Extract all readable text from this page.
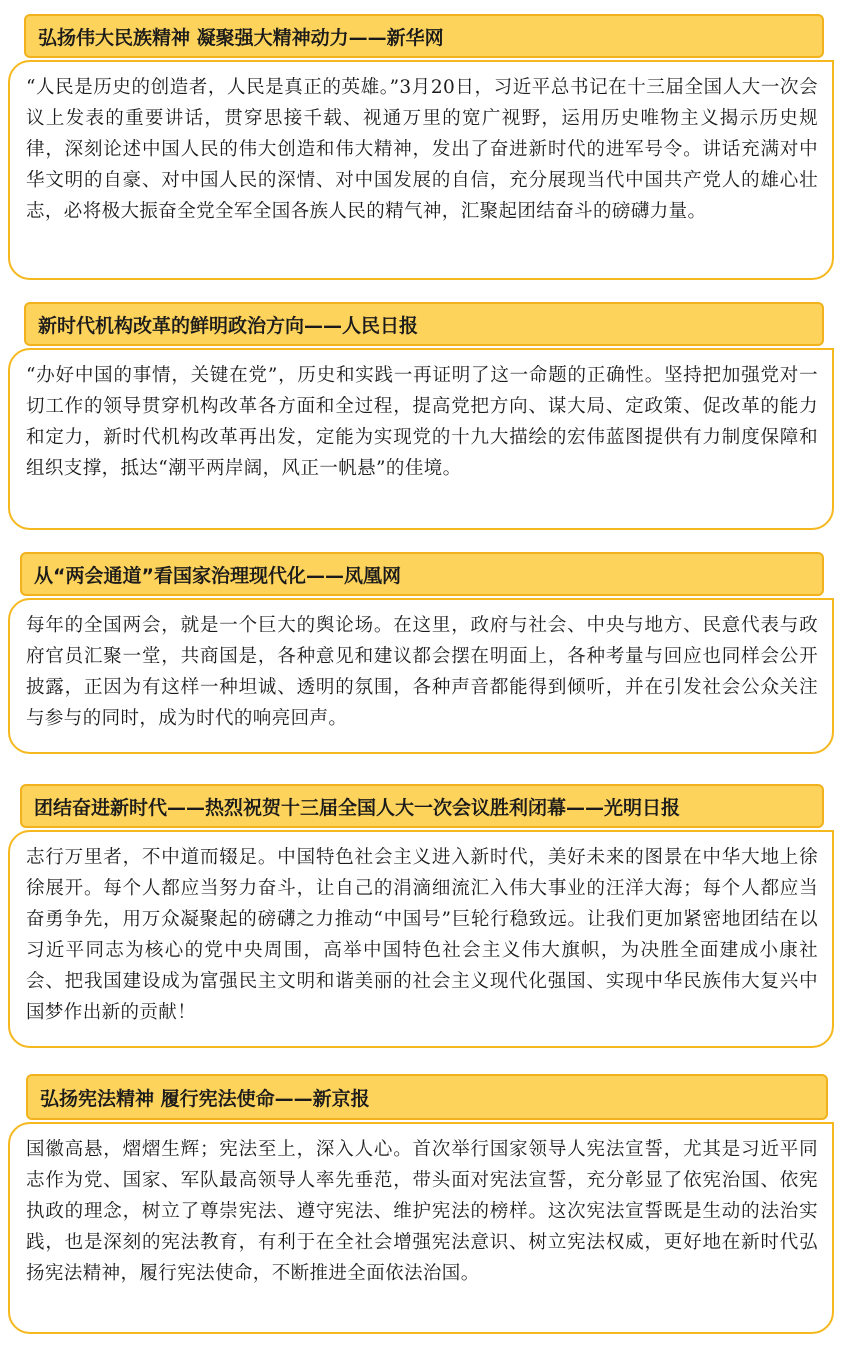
弘扬伟大民族精神 凝聚强大精神动力——新华网
“人民是历史的创造者，人民是真正的英雄。”3月20日，习近平总书记在十三届全国人大一次会议上发表的重要讲话，贯穿思接千载、视通万里的宽广视野，运用历史唯物主义揭示历史规律，深刻论述中国人民的伟大创造和伟大精神，发出了奋进新时代的进军号令。讲话充满对中华文明的自豪、对中国人民的深情、对中国发展的自信，充分展现当代中国共产党人的雄心壮志，必将极大振奋全党全军全国各族人民的精气神，汇聚起团结奋斗的磅礴力量。
新时代机构改革的鲜明政治方向——人民日报
“办好中国的事情，关键在党”，历史和实践一再证明了这一命题的正确性。坚持把加强党对一切工作的领导贯穿机构改革各方面和全过程，提高党把方向、谋大局、定政策、促改革的能力和定力，新时代机构改革再出发，定能为实现党的十九大描绘的宏伟蓝图提供有力制度保障和组织支撑，抵达“潮平两岸阔，风正一帆悬”的佳境。
从“两会通道”看国家治理现代化——凤凰网
每年的全国两会，就是一个巨大的舆论场。在这里，政府与社会、中央与地方、民意代表与政府官员汇聚一堂，共商国是，各种意见和建议都会摆在明面上，各种考量与回应也同样会公开披露，正因为有这样一种坦诚、透明的氛围，各种声音都能得到倾听，并在引发社会公众关注与参与的同时，成为时代的响亮回声。
团结奋进新时代——热烈祝贺十三届全国人大一次会议胜利闭幕——光明日报
志行万里者，不中道而辍足。中国特色社会主义进入新时代，美好未来的图景在中华大地上徐徐展开。每个人都应当努力奋斗，让自己的涓滴细流汇入伟大事业的汪洋大海；每个人都应当奋勇争先，用万众凝聚起的磅礴之力推动“中国号”巨轮行稳致远。让我们更加紧密地团结在以习近平同志为核心的党中央周围，高举中国特色社会主义伟大旗帜，为决胜全面建成小康社会、把我国建设成为富强民主文明和谐美丽的社会主义现代化强国、实现中华民族伟大复兴中国梦作出新的贡献！
弘扬宪法精神 履行宪法使命——新京报
国徽高悬，熠熠生辉；宪法至上，深入人心。首次举行国家领导人宪法宣誓，尤其是习近平同志作为党、国家、军队最高领导人率先垂范，带头面对宪法宣誓，充分彰显了依宪治国、依宪执政的理念，树立了尊崇宪法、遵守宪法、维护宪法的榜样。这次宪法宣誓既是生动的法治实践，也是深刻的宪法教育，有利于在全社会增强宪法意识、树立宪法权威，更好地在新时代弘扬宪法精神，履行宪法使命，不断推进全面依法治国。
